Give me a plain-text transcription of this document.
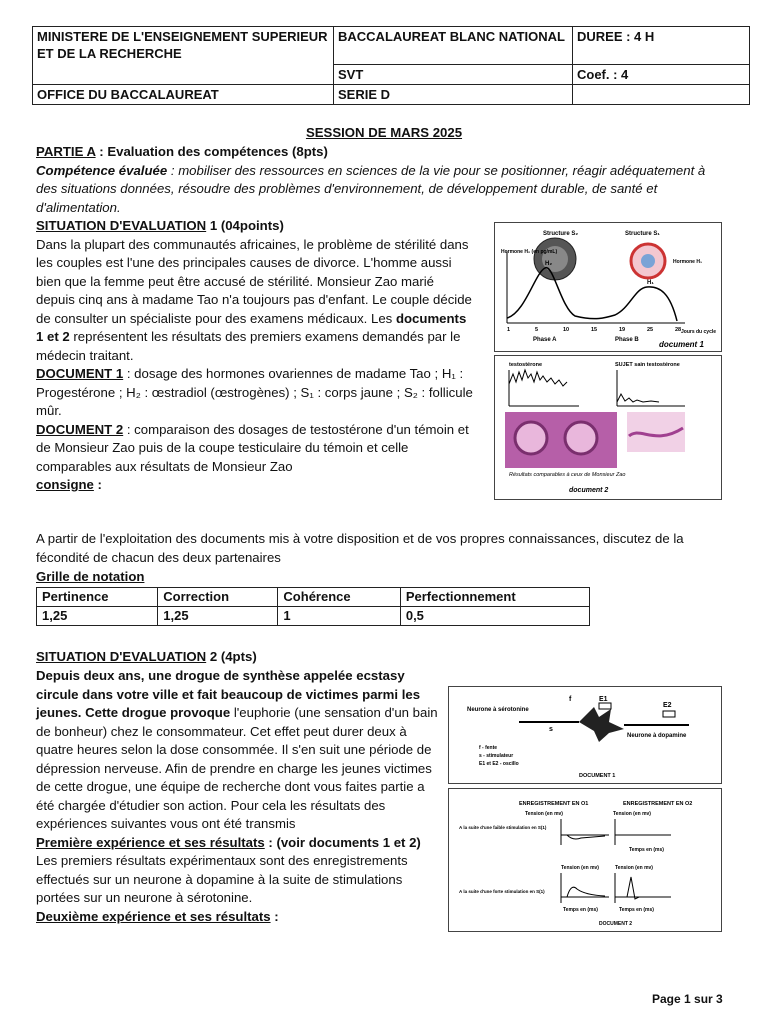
MINISTERE DE L'ENSEIGNEMENT SUPERIEUR ET DE LA RECHERCHE	BACCALAUREAT BLANC NATIONAL	DUREE : 4 H
	SVT	Coef. : 4
OFFICE DU BACCALAUREAT	SERIE D	
SESSION DE MARS 2025
PARTIE A : Evaluation des compétences (8pts)
Compétence évaluée : mobiliser des ressources en sciences de la vie pour se positionner, réagir adéquatement à des situations données, résoudre des problèmes d'environnement, de développement durable, de santé et d'alimentation.
SITUATION D'EVALUATION 1 (04points)
Dans la plupart des communautés africaines, le problème de stérilité dans les couples est l'une des principales causes de divorce. L'homme aussi bien que la femme peut être accusé de stérilité. Monsieur Zao marié depuis cinq ans à madame Tao n'a toujours pas d'enfant. Le couple décide de consulter un spécialiste pour des examens médicaux. Les documents 1 et 2 représentent les résultats des premiers examens demandés par le médecin traitant.
DOCUMENT 1 : dosage des hormones ovariennes de madame Tao ; H₁ : Progestérone ; H₂ : œstradiol (œstrogènes) ; S₁ : corps jaune ; S₂ : follicule mûr.
DOCUMENT 2 : comparaison des dosages de testostérone d'un témoin et de Monsieur Zao puis de la coupe testiculaire du témoin et celle comparables aux résultats de Monsieur Zao
consigne :
A partir de l'exploitation des documents mis à votre disposition et de vos propres connaissances, discutez de la fécondité de chacun des deux partenaires
Grille de notation
Pertinence	Correction	Cohérence	Perfectionnement
1,25	1,25	1	0,5
Structure S₂	Structure S₁
Hormone H₂ (en pg/mL)
Hormone H₁
H₂
H₁
1	5	10	15	19	25	28 Jours du cycle
Phase A	Phase B	document 1
testostérone	SUJET sain testostérone
Résultats comparables à ceux de Monsieur Zao
document 2
SITUATION D'EVALUATION 2 (4pts)
Depuis deux ans, une drogue de synthèse appelée ecstasy circule dans votre ville et fait beaucoup de victimes parmi les jeunes. Cette drogue provoque l'euphorie (une sensation d'un bain de bonheur) chez le consommateur. Cet effet peut durer deux à quatre heures selon la dose consommée. Il s'en suit une période de dépression nerveuse. Afin de prendre en charge les jeunes victimes de cette drogue, une équipe de recherche dont vous faites partie a été chargée d'étudier son action. Pour cela les résultats des expériences suivantes vous ont été transmis
Première expérience et ses résultats : (voir documents 1 et 2) Les premiers résultats expérimentaux sont des enregistrements effectués sur un neurone à dopamine à la suite de stimulations portées sur un neurone à sérotonine.
Deuxième expérience et ses résultats :
Neurone à sérotonine
E1
E2
f
s
Neurone à dopamine
f - fente
s - stimulateur
E1 et E2 - oscillo
DOCUMENT 1
ENREGISTREMENT EN O1	ENREGISTREMENT EN O2
Tension (en mv)	Tension (en mv)
A la suite d'une faible stimulation en S(1)
Temps en (ms)
Tension (en mv)	Tension (en mv)
A la suite d'une forte stimulation en S(1)
Temps en (ms)	Temps en (ms)
DOCUMENT 2
Page 1 sur 3
